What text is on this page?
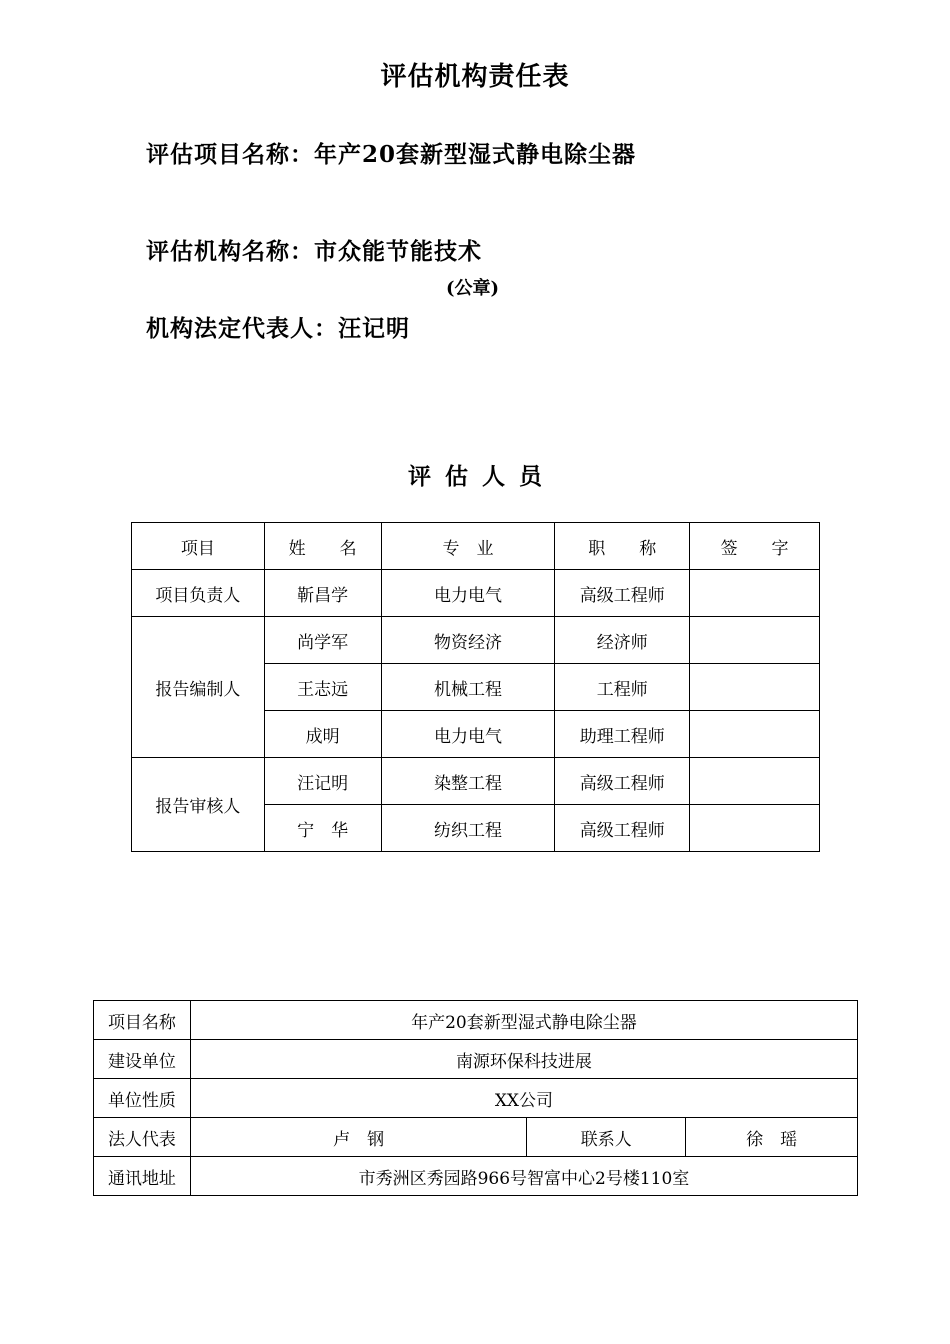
评估机构责任表
评估项目名称：年产20套新型湿式静电除尘器
评估机构名称：市众能节能技术
(公章)
机构法定代表人：汪记明
评 估 人 员
项目	姓　　名	专　业	职　　称	签　　字
项目负责人	靳昌学	电力电气	高级工程师	
报告编制人	尚学军	物资经济	经济师	
	王志远	机械工程	工程师	
	成明	电力电气	助理工程师	
报告审核人	汪记明	染整工程	高级工程师	
	宁　华	纺织工程	高级工程师	
项目名称	年产20套新型湿式静电除尘器		
建设单位	南源环保科技进展		
单位性质	XX公司		
法人代表	卢　钢	联系人	徐　瑶
通讯地址	市秀洲区秀园路966号智富中心2号楼110室		
